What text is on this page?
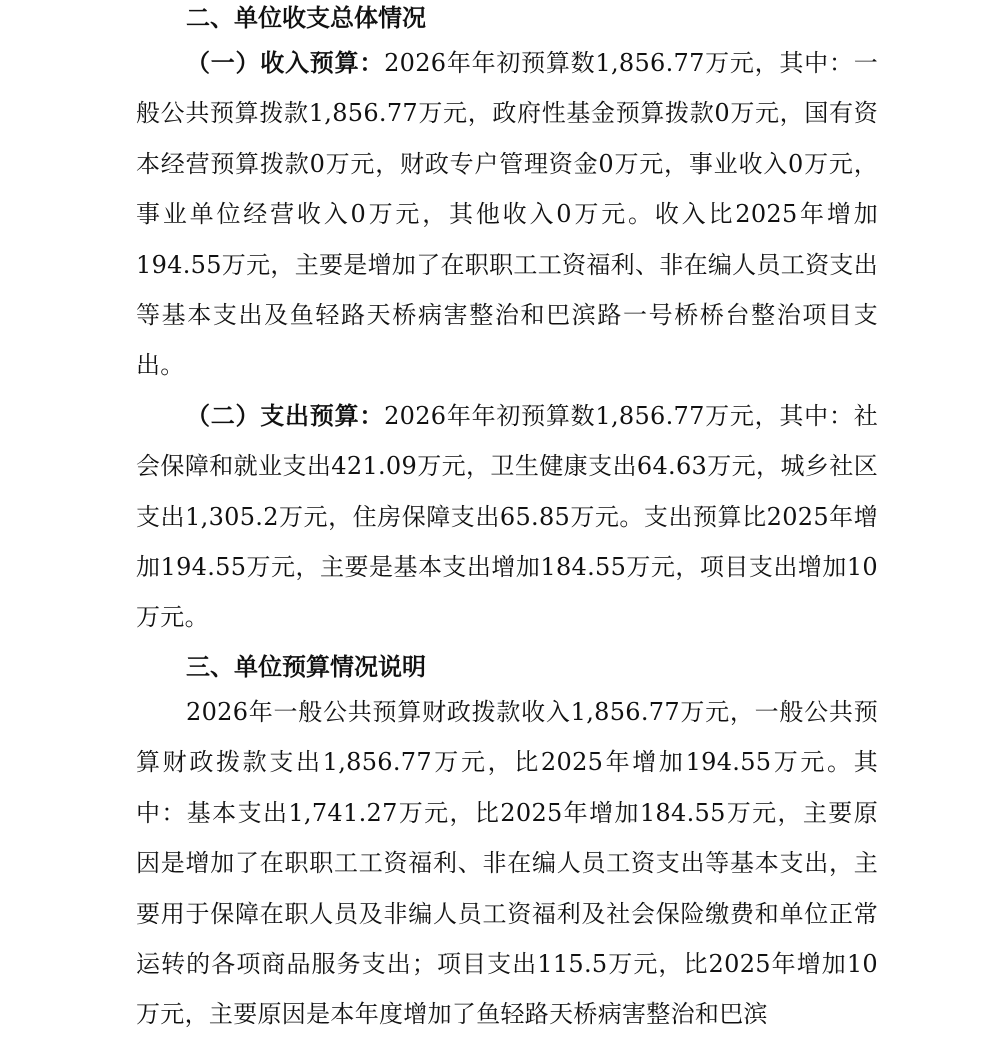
二、单位收支总体情况

（一）收入预算：2026年年初预算数1,856.77万元，其中：一般公共预算拨款1,856.77万元，政府性基金预算拨款0万元，国有资本经营预算拨款0万元，财政专户管理资金0万元，事业收入0万元，事业单位经营收入0万元，其他收入0万元。收入比2025年增加194.55万元，主要是增加了在职职工工资福利、非在编人员工资支出等基本支出及鱼轻路天桥病害整治和巴滨路一号桥桥台整治项目支出。

（二）支出预算：2026年年初预算数1,856.77万元，其中：社会保障和就业支出421.09万元，卫生健康支出64.63万元，城乡社区支出1,305.2万元，住房保障支出65.85万元。支出预算比2025年增加194.55万元，主要是基本支出增加184.55万元，项目支出增加10万元。

三、单位预算情况说明

2026年一般公共预算财政拨款收入1,856.77万元，一般公共预算财政拨款支出1,856.77万元，比2025年增加194.55万元。其中：基本支出1,741.27万元，比2025年增加184.55万元，主要原因是增加了在职职工工资福利、非在编人员工资支出等基本支出，主要用于保障在职人员及非编人员工资福利及社会保险缴费和单位正常运转的各项商品服务支出；项目支出115.5万元，比2025年增加10万元，主要原因是本年度增加了鱼轻路天桥病害整治和巴滨
